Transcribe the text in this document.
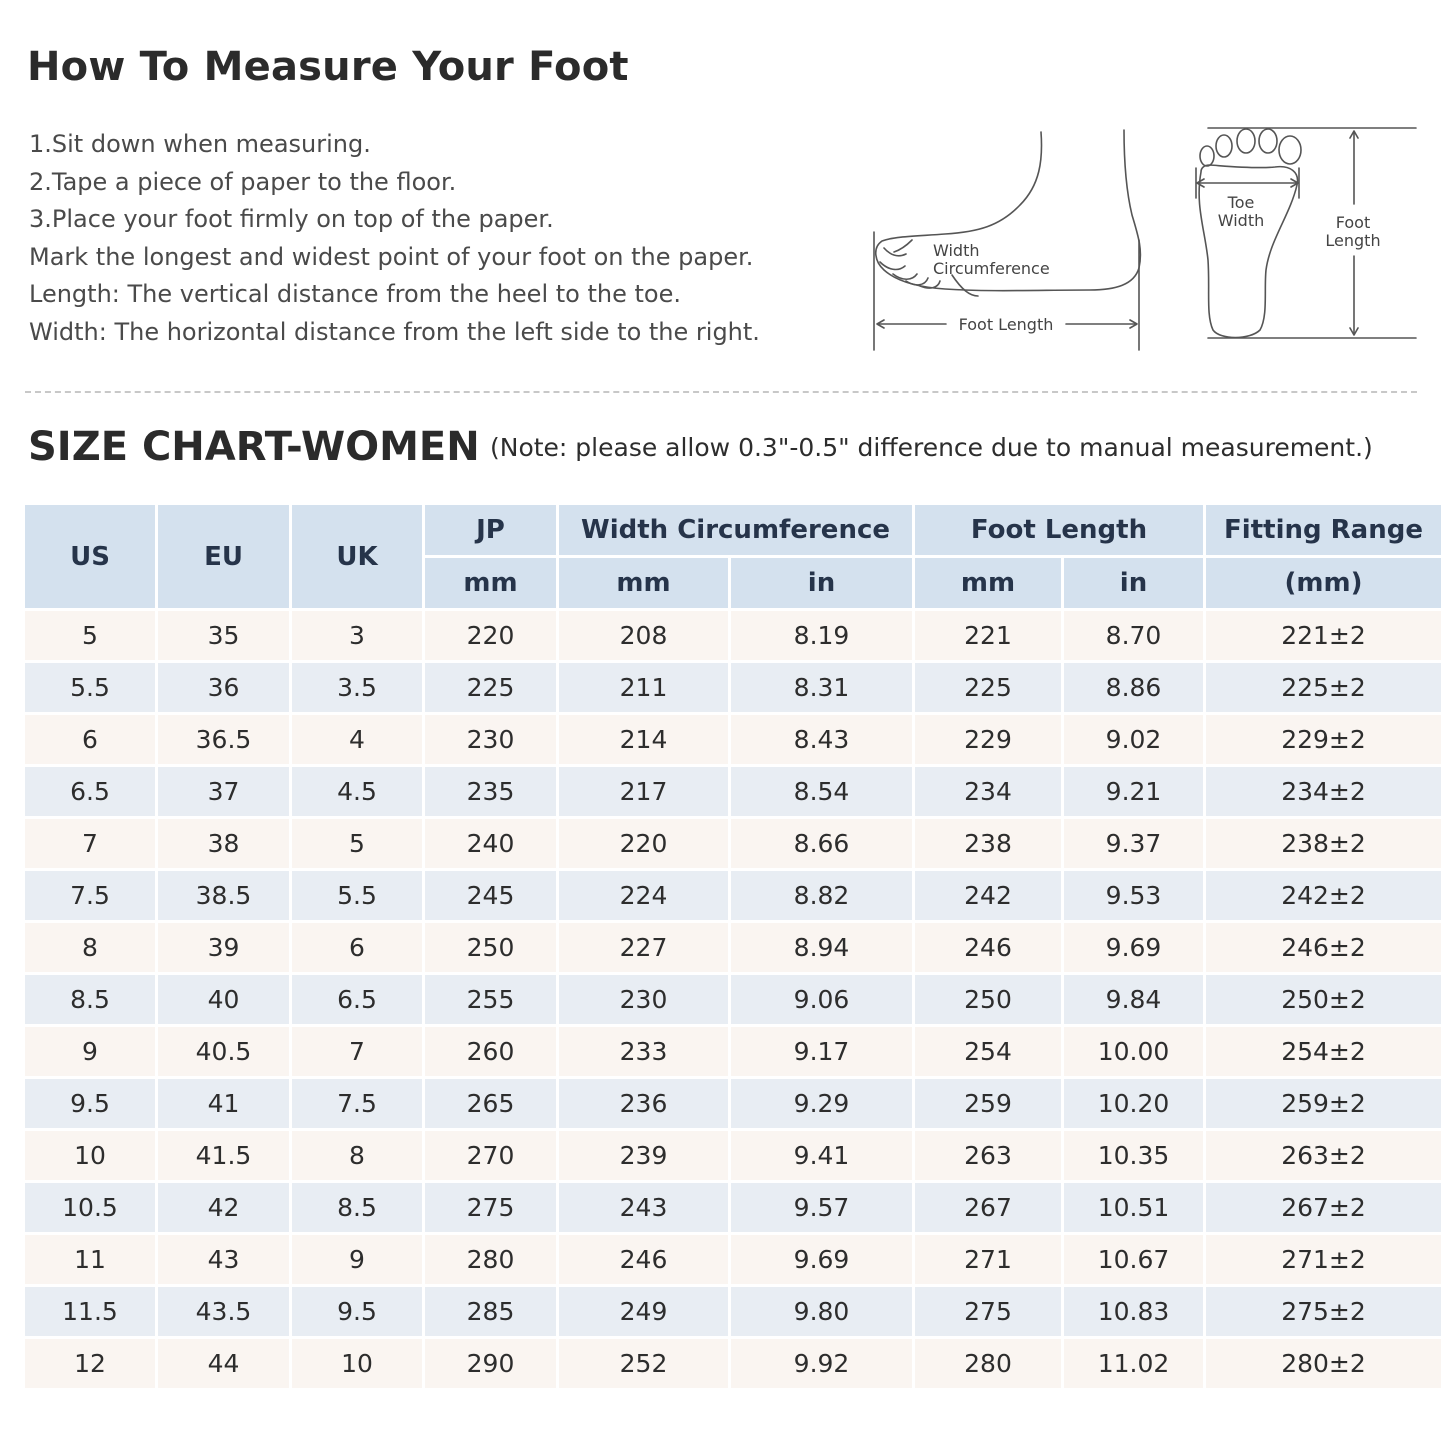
How To Measure Your Foot
1.Sit down when measuring.
2.Tape a piece of paper to the floor.
3.Place your foot firmly on top of the paper.
Mark the longest and widest point of your foot on the paper.
Length: The vertical distance from the heel to the toe.
Width: The horizontal distance from the left side to the right.
Width
Circumference
Foot Length
Toe
Width	Foot
Length
SIZE CHART-WOMEN (Note: please allow 0.3"-0.5" difference due to manual measurement.)
US	EU	UK	JP	Width Circumference		Foot Length		Fitting Range
			mm	mm	in	mm	in	(mm)
5	35	3	220	208	8.19	221	8.70	221±2
5.5	36	3.5	225	211	8.31	225	8.86	225±2
6	36.5	4	230	214	8.43	229	9.02	229±2
6.5	37	4.5	235	217	8.54	234	9.21	234±2
7	38	5	240	220	8.66	238	9.37	238±2
7.5	38.5	5.5	245	224	8.82	242	9.53	242±2
8	39	6	250	227	8.94	246	9.69	246±2
8.5	40	6.5	255	230	9.06	250	9.84	250±2
9	40.5	7	260	233	9.17	254	10.00	254±2
9.5	41	7.5	265	236	9.29	259	10.20	259±2
10	41.5	8	270	239	9.41	263	10.35	263±2
10.5	42	8.5	275	243	9.57	267	10.51	267±2
11	43	9	280	246	9.69	271	10.67	271±2
11.5	43.5	9.5	285	249	9.80	275	10.83	275±2
12	44	10	290	252	9.92	280	11.02	280±2
